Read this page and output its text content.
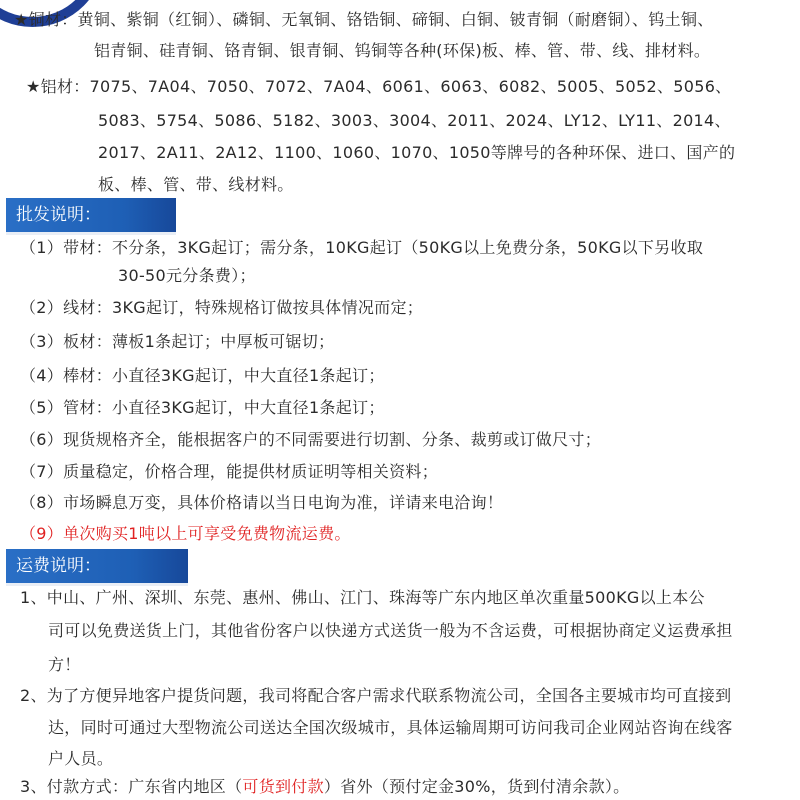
★铜材：黄铜、紫铜（红铜）、磷铜、无氧铜、铬锆铜、碲铜、白铜、铍青铜（耐磨铜）、钨土铜、
铝青铜、硅青铜、铬青铜、银青铜、钨铜等各种(环保)板、棒、管、带、线、排材料。
★铝材：7075、7A04、7050、7072、7A04、6061、6063、6082、5005、5052、5056、
5083、5754、5086、5182、3003、3004、2011、2024、LY12、LY11、2014、
2017、2A11、2A12、1100、1060、1070、1050等牌号的各种环保、进口、国产的
板、棒、管、带、线材料。
批发说明：
（1）带材：不分条，3KG起订；需分条，10KG起订（50KG以上免费分条，50KG以下另收取
30-50元分条费）；
（2）线材：3KG起订，特殊规格订做按具体情况而定；
（3）板材：薄板1条起订；中厚板可锯切；
（4）棒材：小直径3KG起订，中大直径1条起订；
（5）管材：小直径3KG起订，中大直径1条起订；
（6）现货规格齐全，能根据客户的不同需要进行切割、分条、裁剪或订做尺寸；
（7）质量稳定，价格合理，能提供材质证明等相关资料；
（8）市场瞬息万变，具体价格请以当日电询为准，详请来电洽询！
（9）单次购买1吨以上可享受免费物流运费。
运费说明：
1、中山、广州、深圳、东莞、惠州、佛山、江门、珠海等广东内地区单次重量500KG以上本公
司可以免费送货上门，其他省份客户以快递方式送货一般为不含运费，可根据协商定义运费承担
方！
2、为了方便异地客户提货问题，我司将配合客户需求代联系物流公司，全国各主要城市均可直接到
达，同时可通过大型物流公司送达全国次级城市，具体运输周期可访问我司企业网站咨询在线客
户人员。
3、付款方式：广东省内地区（可货到付款）省外（预付定金30%，货到付清余款）。
